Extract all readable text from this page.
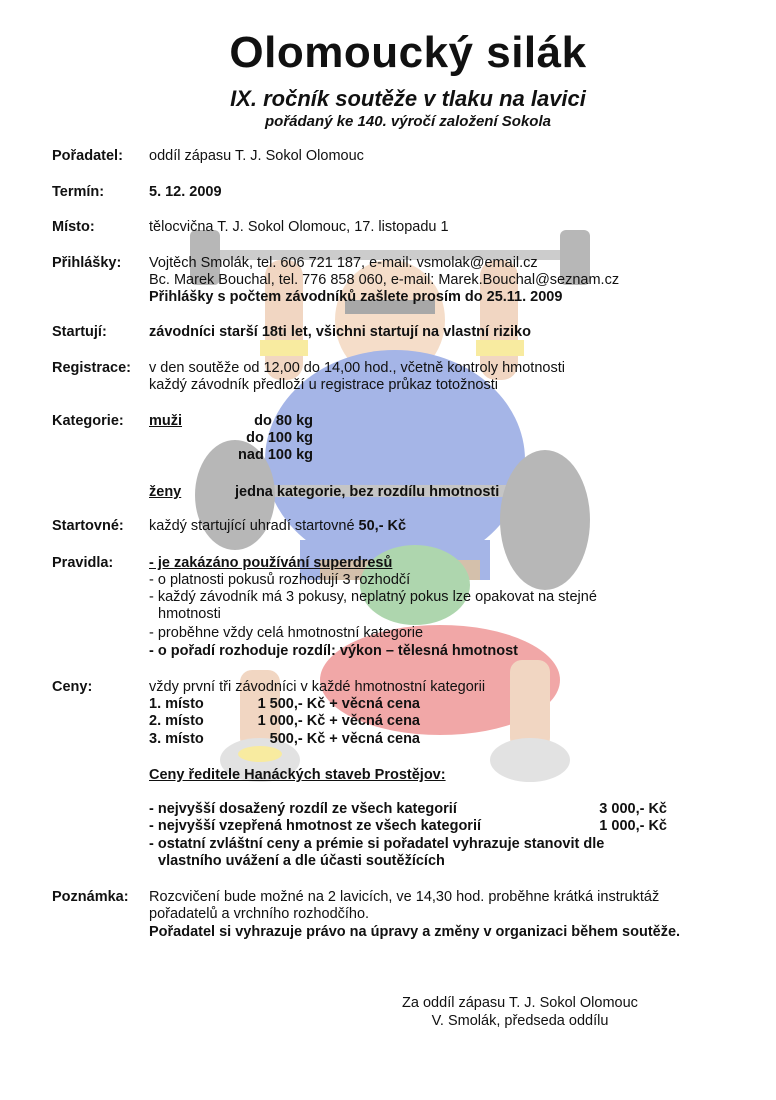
Olomoucký silák
IX. ročník soutěže v tlaku na lavici
pořádaný ke 140. výročí založení Sokola
Pořadatel: oddíl zápasu T. J. Sokol Olomouc
Termín:	5. 12. 2009
Místo:	tělocvična T. J. Sokol Olomouc, 17. listopadu 1
Přihlášky: Vojtěch Smolák, tel. 606 721 187, e-mail: vsmolak@email.cz
Bc. Marek Bouchal, tel. 776 858 060, e-mail: Marek.Bouchal@seznam.cz
Přihlášky s počtem závodníků zašlete prosím do 25.11. 2009
Startují:	závodníci starší 18ti let, všichni startují na vlastní riziko
Registrace: v den soutěže od 12,00 do 14,00 hod., včetně kontroly hmotnosti
každý závodník předloží u registrace průkaz totožnosti
Kategorie: muži	do 80 kg
do 100 kg
nad 100 kg
ženy	jedna kategorie, bez rozdílu hmotnosti
Startovné: každý startující uhradí startovné 50,- Kč
Pravidla: - je zakázáno používání superdresů
- o platnosti pokusů rozhodují 3 rozhodčí
- každý závodník má 3 pokusy, neplatný pokus lze opakovat na stejné
hmotnosti
- proběhne vždy celá hmotnostní kategorie
- o pořadí rozhoduje rozdíl: výkon – tělesná hmotnost
Ceny:	vždy první tři závodníci v každé hmotnostní kategorii
1. místo	1 500,- Kč + věcná cena
2. místo	1 000,- Kč + věcná cena
3. místo	500,- Kč + věcná cena
Ceny ředitele Hanáckých staveb Prostějov:
- nejvyšší dosažený rozdíl ze všech kategorií	3 000,- Kč
- nejvyšší vzepřená hmotnost ze všech kategorií	1 000,- Kč
- ostatní zvláštní ceny a prémie si pořadatel vyhrazuje stanovit dle
vlastního uvážení a dle účasti soutěžících
Poznámka: Rozcvičení bude možné na 2 lavicích, ve 14,30 hod. proběhne krátká instruktáž
pořadatelů a vrchního rozhodčího.
Pořadatel si vyhrazuje právo na úpravy a změny v organizaci během soutěže.
Za oddíl zápasu T. J. Sokol Olomouc
V. Smolák, předseda oddílu
